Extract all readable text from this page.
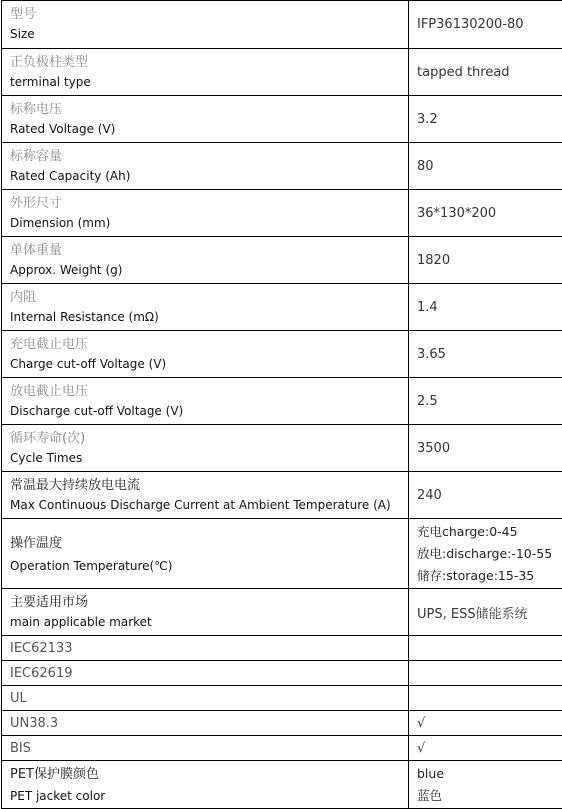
型号
Size	IFP36130200-80

正负极柱类型
terminal type	tapped thread

标称电压
Rated Voltage (V)	3.2

标称容量
Rated Capacity (Ah)	80

外形尺寸
Dimension (mm)	36*130*200

单体重量
Approx. Weight (g)	1820

内阻
Internal Resistance (mΩ)	1.4

充电截止电压
Charge cut-off Voltage (V)	3.65

放电截止电压
Discharge cut-off Voltage (V)	2.5

循环寿命(次)
Cycle Times	3500

常温最大持续放电电流
Max Continuous Discharge Current at Ambient Temperature (A)	240

操作温度
Operation Temperature(℃)	充电charge:0-45
放电:discharge:-10-55
储存:storage:15-35

主要适用市场
main applicable market	UPS, ESS储能系统
IEC62133	
IEC62619	
UL	
UN38.3	√
BIS	√

PET保护膜颜色
PET jacket color	blue
蓝色
